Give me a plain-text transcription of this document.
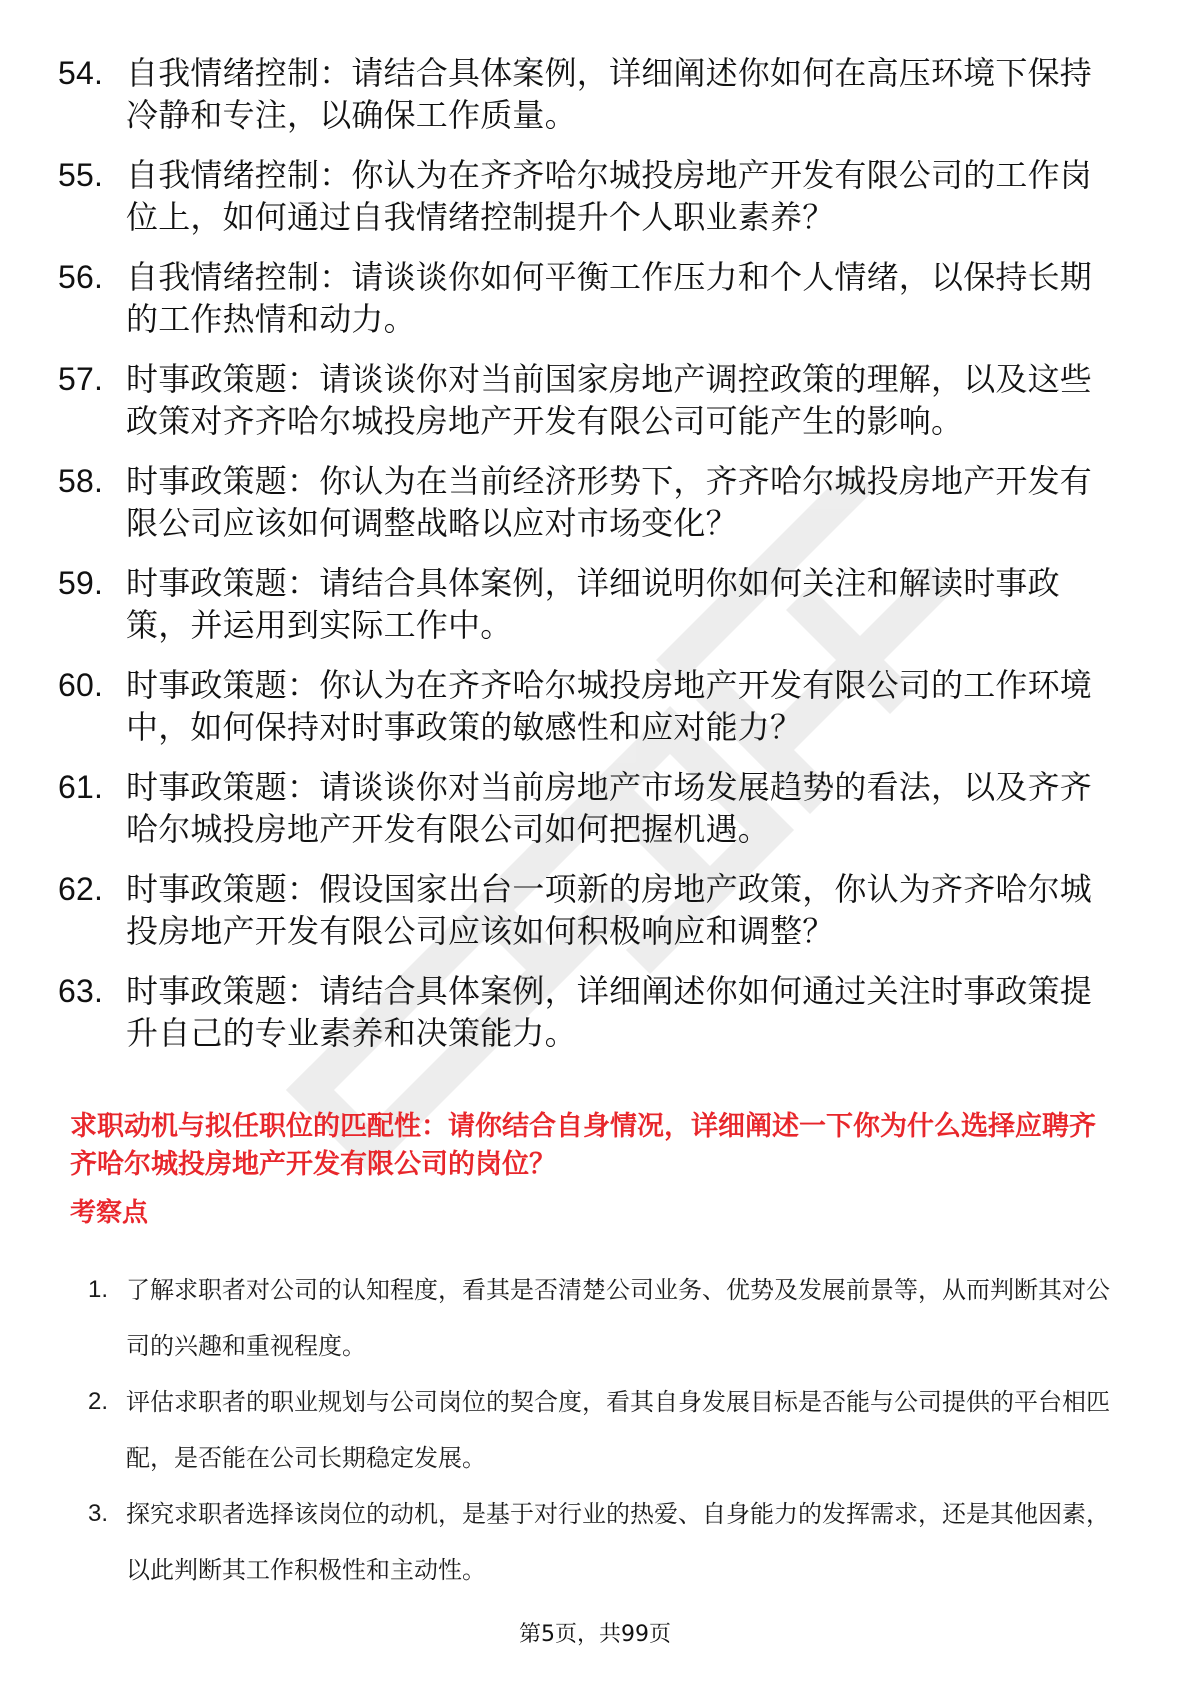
54. 自我情绪控制：请结合具体案例，详细阐述你如何在高压环境下保持冷静和专注，以确保工作质量。
55. 自我情绪控制：你认为在齐齐哈尔城投房地产开发有限公司的工作岗位上，如何通过自我情绪控制提升个人职业素养？
56. 自我情绪控制：请谈谈你如何平衡工作压力和个人情绪，以保持长期的工作热情和动力。
57. 时事政策题：请谈谈你对当前国家房地产调控政策的理解，以及这些政策对齐齐哈尔城投房地产开发有限公司可能产生的影响。
58. 时事政策题：你认为在当前经济形势下，齐齐哈尔城投房地产开发有限公司应该如何调整战略以应对市场变化？
59. 时事政策题：请结合具体案例，详细说明你如何关注和解读时事政策，并运用到实际工作中。
60. 时事政策题：你认为在齐齐哈尔城投房地产开发有限公司的工作环境中，如何保持对时事政策的敏感性和应对能力？
61. 时事政策题：请谈谈你对当前房地产市场发展趋势的看法，以及齐齐哈尔城投房地产开发有限公司如何把握机遇。
62. 时事政策题：假设国家出台一项新的房地产政策，你认为齐齐哈尔城投房地产开发有限公司应该如何积极响应和调整？
63. 时事政策题：请结合具体案例，详细阐述你如何通过关注时事政策提升自己的专业素养和决策能力。
求职动机与拟任职位的匹配性：请你结合自身情况，详细阐述一下你为什么选择应聘齐齐哈尔城投房地产开发有限公司的岗位？
考察点
1. 了解求职者对公司的认知程度，看其是否清楚公司业务、优势及发展前景等，从而判断其对公司的兴趣和重视程度。
2. 评估求职者的职业规划与公司岗位的契合度，看其自身发展目标是否能与公司提供的平台相匹配，是否能在公司长期稳定发展。
3. 探究求职者选择该岗位的动机，是基于对行业的热爱、自身能力的发挥需求，还是其他因素，以此判断其工作积极性和主动性。
第5页，共99页
